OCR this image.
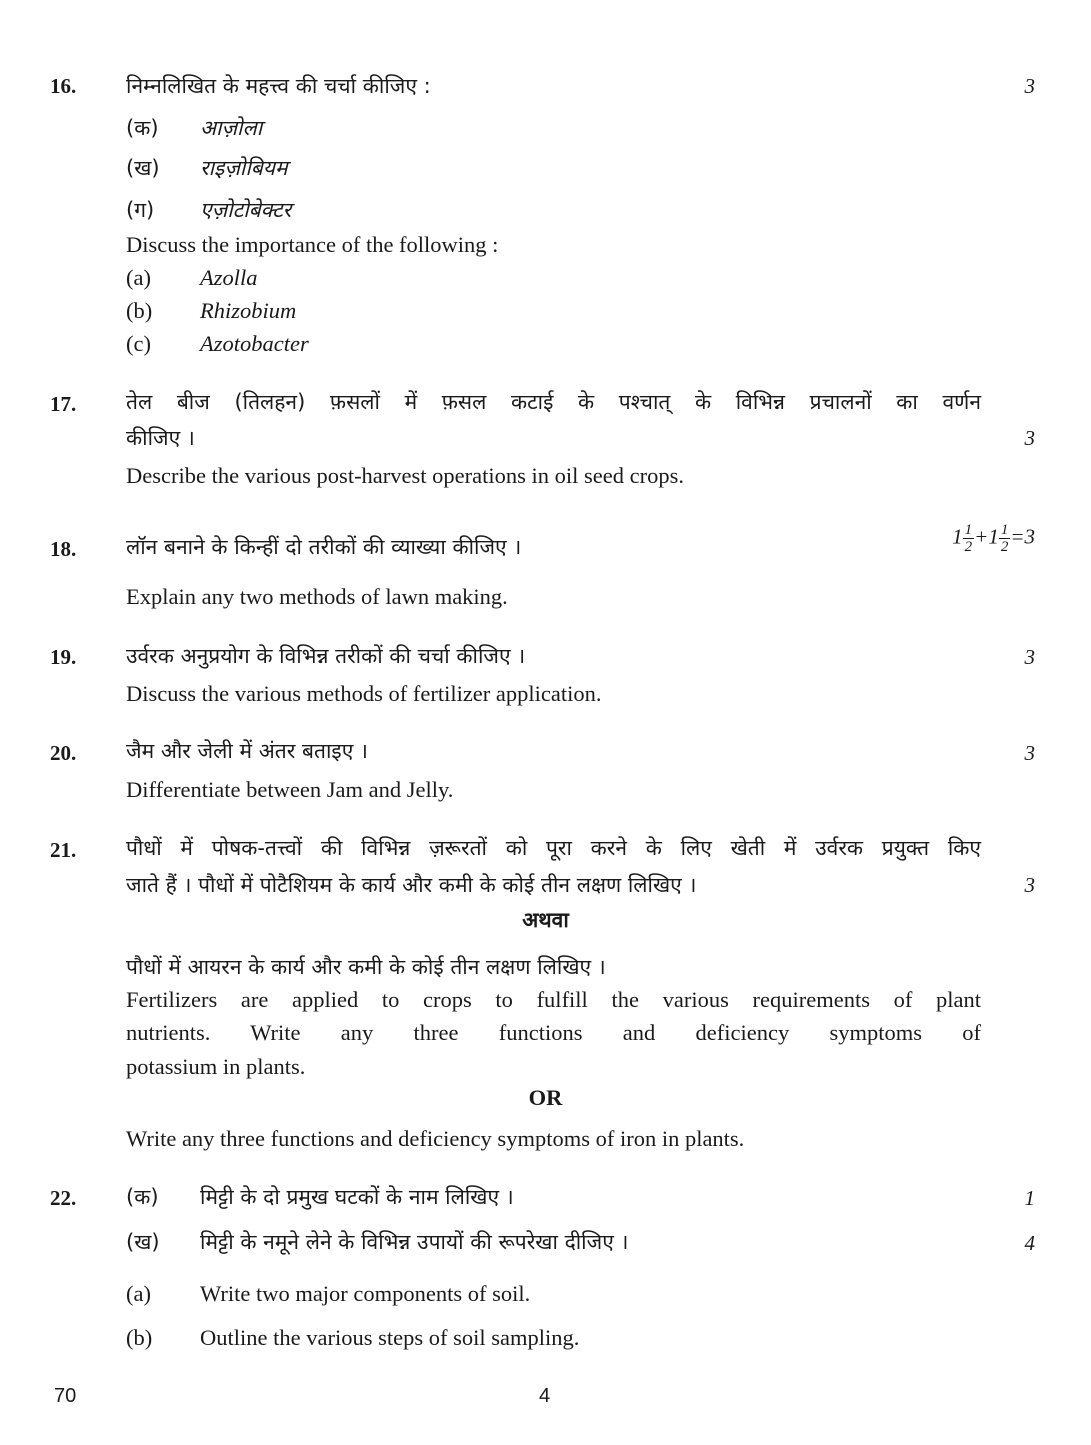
16. निम्नलिखित के महत्त्व की चर्चा कीजिए :	3
(क) आज़ोला
(ख) राइज़ोबियम
(ग) एज़ोटोबेक्टर
Discuss the importance of the following :
(a) Azolla
(b) Rhizobium
(c) Azotobacter
17. तेल बीज (तिलहन) फ़सलों में फ़सल कटाई के पश्चात् के विभिन्न प्रचालनों का वर्णन
कीजिए ।	3
Describe the various post-harvest operations in oil seed crops.
18. लॉन बनाने के किन्हीं दो तरीकों की व्याख्या कीजिए ।	$1 \frac{1}{2} +1 \frac{1}{2} =3$
Explain any two methods of lawn making.
19. उर्वरक अनुप्रयोग के विभिन्न तरीकों की चर्चा कीजिए ।	3
Discuss the various methods of fertilizer application.
20. जैम और जेली में अंतर बताइए ।	3
Differentiate between Jam and Jelly.
21. पौधों में पोषक-तत्त्वों की विभिन्न ज़रूरतों को पूरा करने के लिए खेती में उर्वरक प्रयुक्त किए
जाते हैं । पौधों में पोटैशियम के कार्य और कमी के कोई तीन लक्षण लिखिए ।	3
अथवा
पौधों में आयरन के कार्य और कमी के कोई तीन लक्षण लिखिए ।
Fertilizers are applied to crops to fulfill the various requirements of plant
nutrients. Write any three functions and deficiency symptoms of
potassium in plants.
OR
Write any three functions and deficiency symptoms of iron in plants.
22. (क) मिट्टी के दो प्रमुख घटकों के नाम लिखिए ।	1
(ख) मिट्टी के नमूने लेने के विभिन्न उपायों की रूपरेखा दीजिए ।	4
(a) Write two major components of soil.
(b) Outline the various steps of soil sampling.
70	4
